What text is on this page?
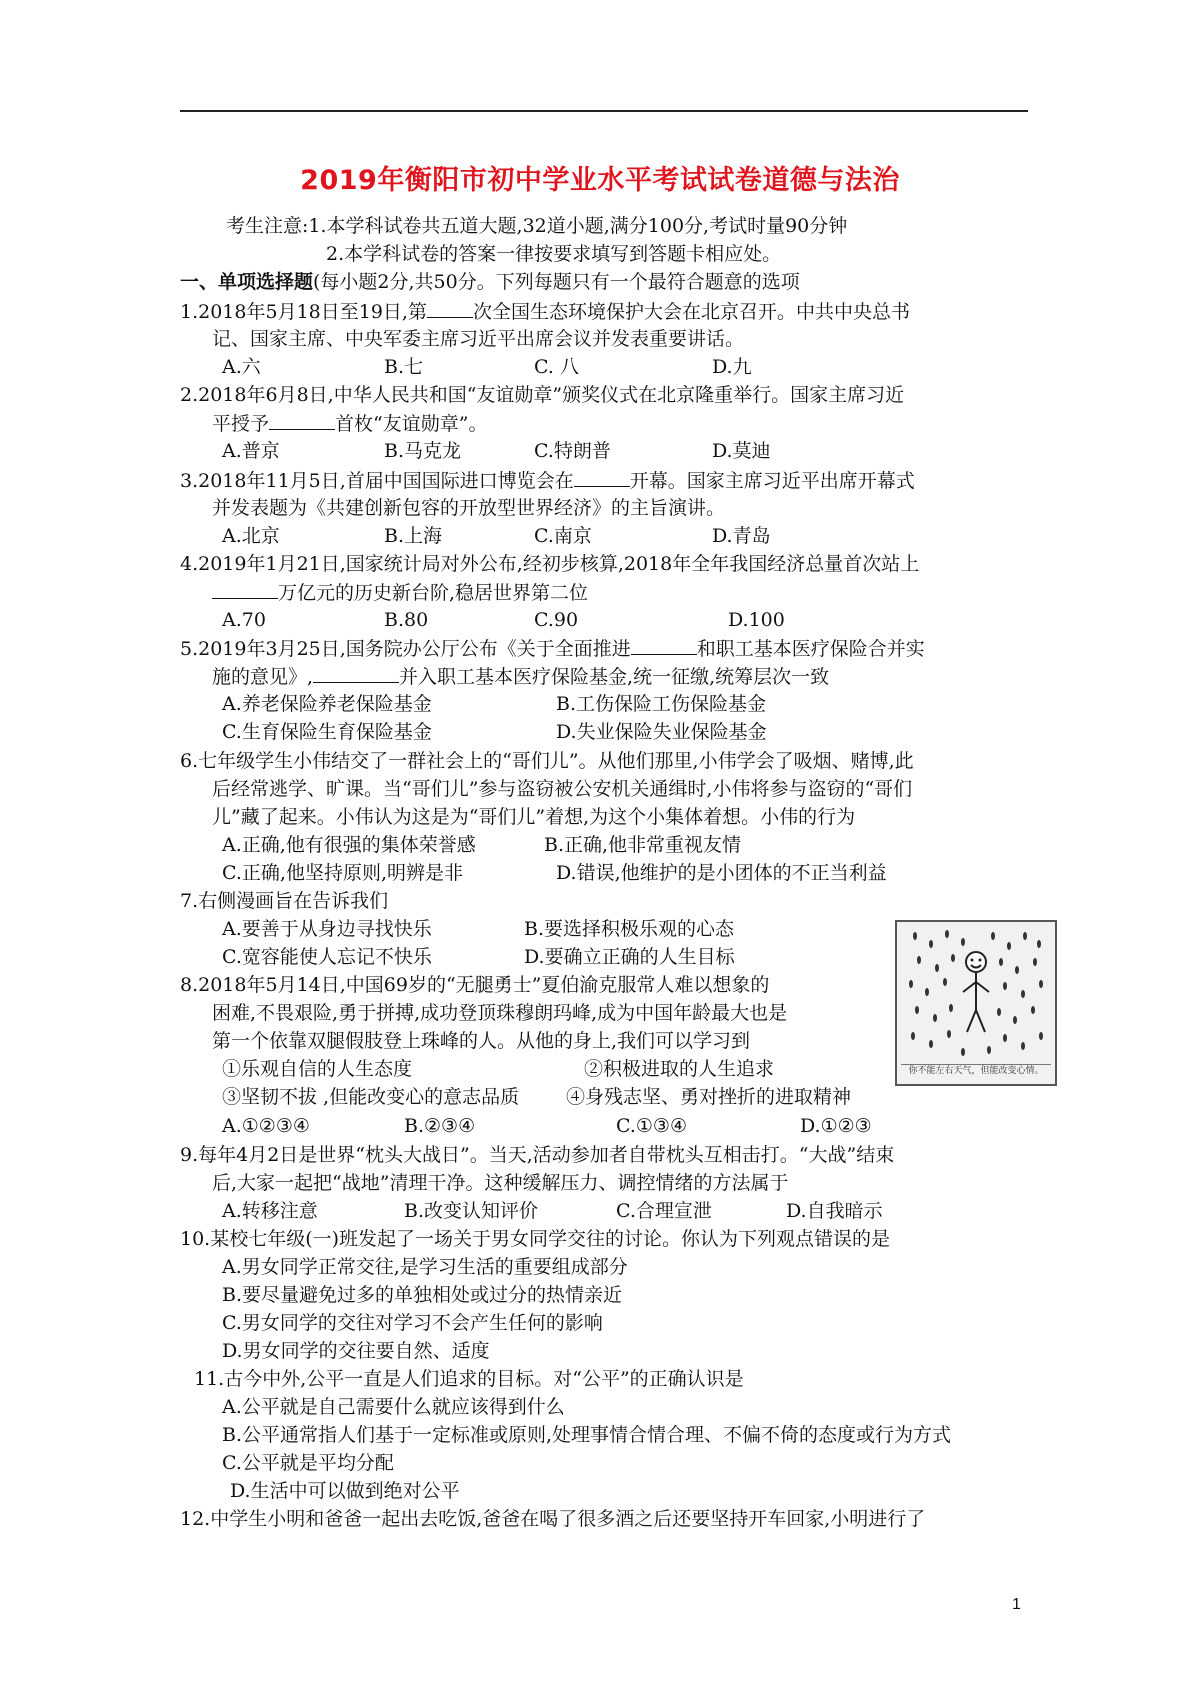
2019年衡阳市初中学业水平考试试卷道德与法治
考生注意:1.本学科试卷共五道大题,32道小题,满分100分,考试时量90分钟
2.本学科试卷的答案一律按要求填写到答题卡相应处。
一、单项选择题(每小题2分,共50分。下列每题只有一个最符合题意的选项
1.2018年5月18日至19日,第 次全国生态环境保护大会在北京召开。中共中央总书
记、国家主席、中央军委主席习近平出席会议并发表重要讲话。
A.六	B.七	C. 八	D.九
2.2018年6月8日,中华人民共和国“友谊勋章”颁奖仪式在北京隆重举行。国家主席习近
平授予	首枚“友谊勋章”。
A.普京	B.马克龙	C.特朗普	D.莫迪
3.2018年11月5日,首届中国国际进口博览会在	开幕。国家主席习近平出席开幕式
并发表题为《共建创新包容的开放型世界经济》的主旨演讲。
A.北京	B.上海	C.南京	D.青岛
4.2019年1月21日,国家统计局对外公布,经初步核算,2018年全年我国经济总量首次站上
万亿元的历史新台阶,稳居世界第二位
A.70	B.80	C.90	D.100
5.2019年3月25日,国务院办公厅公布《关于全面推进	和职工基本医疗保险合并实
施的意见》,	并入职工基本医疗保险基金,统一征缴,统筹层次一致
A.养老保险养老保险基金	B.工伤保险工伤保险基金
C.生育保险生育保险基金	D.失业保险失业保险基金
6.七年级学生小伟结交了一群社会上的“哥们儿”。从他们那里,小伟学会了吸烟、赌博,此
后经常逃学、旷课。当“哥们儿”参与盗窃被公安机关通缉时,小伟将参与盗窃的“哥们
儿”藏了起来。小伟认为这是为“哥们儿”着想,为这个小集体着想。小伟的行为
A.正确,他有很强的集体荣誉感	B.正确,他非常重视友情
C.正确,他坚持原则,明辨是非	D.错误,他维护的是小团体的不正当利益
7.右侧漫画旨在告诉我们
A.要善于从身边寻找快乐	B.要选择积极乐观的心态
C.宽容能使人忘记不快乐	D.要确立正确的人生目标
你不能左右天气，但能改变心情。
8.2018年5月14日,中国69岁的“无腿勇士”夏伯渝克服常人难以想象的
困难,不畏艰险,勇于拼搏,成功登顶珠穆朗玛峰,成为中国年龄最大也是
第一个依靠双腿假肢登上珠峰的人。从他的身上,我们可以学习到
①乐观自信的人生态度	②积极进取的人生追求
③坚韧不拔 ,但能改变心的意志品质 ④身残志坚、勇对挫折的进取精神
A.①②③④	B.②③④	C.①③④	D.①②③
9.每年4月2日是世界“枕头大战日”。当天,活动参加者自带枕头互相击打。“大战”结束
后,大家一起把“战地”清理干净。这种缓解压力、调控情绪的方法属于
A.转移注意	B.改变认知评价	C.合理宣泄	D.自我暗示
10.某校七年级(一)班发起了一场关于男女同学交往的讨论。你认为下列观点错误的是
A.男女同学正常交往,是学习生活的重要组成部分
B.要尽量避免过多的单独相处或过分的热情亲近
C.男女同学的交往对学习不会产生任何的影响
D.男女同学的交往要自然、适度
11.古今中外,公平一直是人们追求的目标。对“公平”的正确认识是
A.公平就是自己需要什么就应该得到什么
B.公平通常指人们基于一定标准或原则,处理事情合情合理、不偏不倚的态度或行为方式
C.公平就是平均分配
D.生活中可以做到绝对公平
12.中学生小明和爸爸一起出去吃饭,爸爸在喝了很多酒之后还要坚持开车回家,小明进行了
1
